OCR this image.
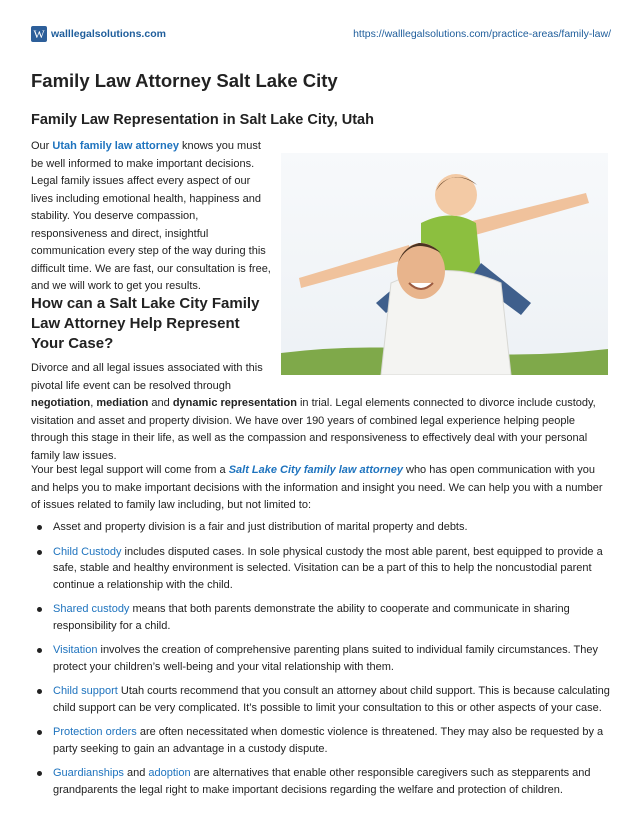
W walllegalsolutions.com	https://walllegalsolutions.com/practice-areas/family-law/
Family Law Attorney Salt Lake City
Family Law Representation in Salt Lake City, Utah

Our Utah family law attorney knows you must be well informed to make important decisions. Legal family issues affect every aspect of our lives including emotional health, happiness and stability. You deserve compassion, responsiveness and direct, insightful communication every step of the way during this difficult time. We are fast, our consultation is free, and we will work to get you results.

How can a Salt Lake City Family Law Attorney Help Represent Your Case?

Divorce and all legal issues associated with this pivotal life event can be resolved through

negotiation, mediation and dynamic representation in trial. Legal elements connected to divorce include custody, visitation and asset and property division. We have over 190 years of combined legal experience helping people through this stage in their life, as well as the compassion and responsiveness to effectively deal with your personal family law issues.

Your best legal support will come from a Salt Lake City family law attorney who has open communication with you and helps you to make important decisions with the information and insight you need. We can help you with a number of issues related to family law including, but not limited to:

Asset and property division is a fair and just distribution of marital property and debts.
Child Custody includes disputed cases. In sole physical custody the most able parent, best equipped to provide a safe, stable and healthy environment is selected. Visitation can be a part of this to help the noncustodial parent continue a relationship with the child.
Shared custody means that both parents demonstrate the ability to cooperate and communicate in sharing responsibility for a child.
Visitation involves the creation of comprehensive parenting plans suited to individual family circumstances. They protect your children’s well-being and your vital relationship with them.
Child support Utah courts recommend that you consult an attorney about child support. This is because calculating child support can be very complicated. It’s possible to limit your consultation to this or other aspects of your case.
Protection orders are often necessitated when domestic violence is threatened. They may also be requested by a party seeking to gain an advantage in a custody dispute.
Guardianships and adoption are alternatives that enable other responsible caregivers such as stepparents and grandparents the legal right to make important decisions regarding the welfare and protection of children.
